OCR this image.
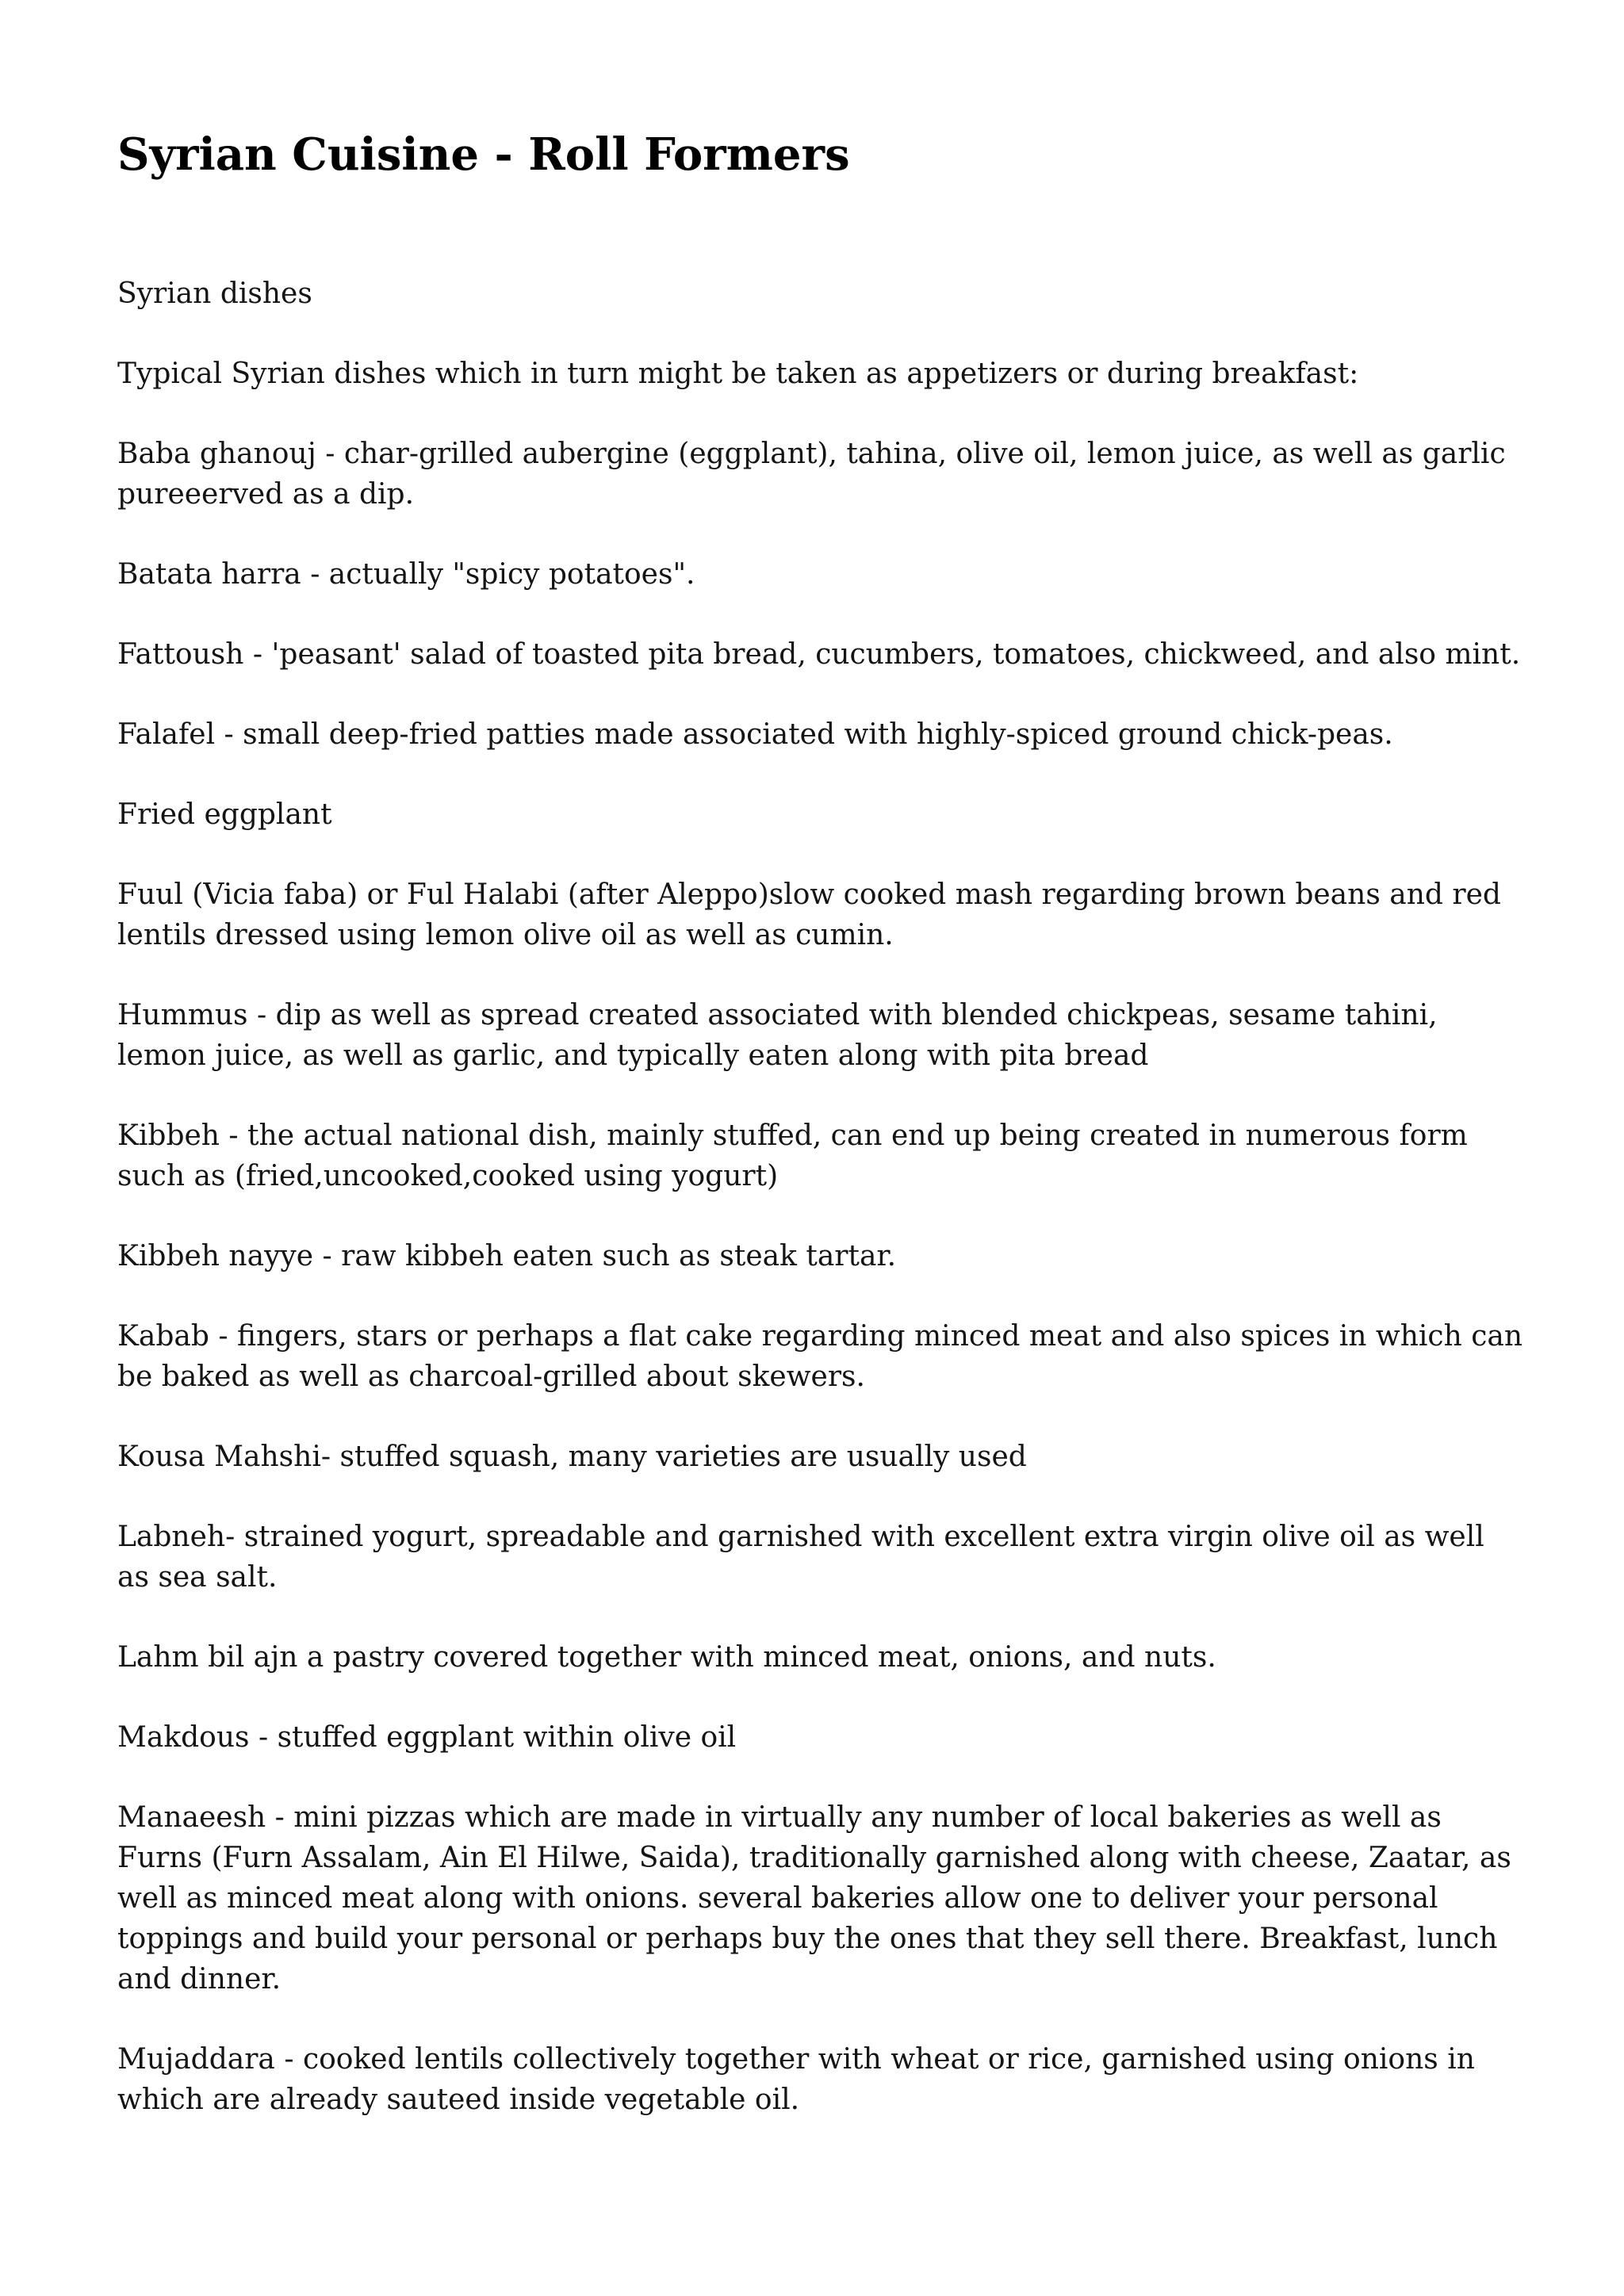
Syrian Cuisine - Roll Formers

Syrian dishes

Typical Syrian dishes which in turn might be taken as appetizers or during breakfast:

Baba ghanouj - char-grilled aubergine (eggplant), tahina, olive oil, lemon juice, as well as garlic pureeerved as a dip.

Batata harra - actually "spicy potatoes".

Fattoush - 'peasant' salad of toasted pita bread, cucumbers, tomatoes, chickweed, and also mint.

Falafel - small deep-fried patties made associated with highly-spiced ground chick-peas.

Fried eggplant

Fuul (Vicia faba) or Ful Halabi (after Aleppo)slow cooked mash regarding brown beans and red lentils dressed using lemon olive oil as well as cumin.

Hummus - dip as well as spread created associated with blended chickpeas, sesame tahini, lemon juice, as well as garlic, and typically eaten along with pita bread

Kibbeh - the actual national dish, mainly stuffed, can end up being created in numerous form such as (fried,uncooked,cooked using yogurt)

Kibbeh nayye - raw kibbeh eaten such as steak tartar.

Kabab - fingers, stars or perhaps a flat cake regarding minced meat and also spices in which can be baked as well as charcoal-grilled about skewers.

Kousa Mahshi- stuffed squash, many varieties are usually used

Labneh- strained yogurt, spreadable and garnished with excellent extra virgin olive oil as well as sea salt.

Lahm bil ajn a pastry covered together with minced meat, onions, and nuts.

Makdous - stuffed eggplant within olive oil

Manaeesh - mini pizzas which are made in virtually any number of local bakeries as well as Furns (Furn Assalam, Ain El Hilwe, Saida), traditionally garnished along with cheese, Zaatar, as well as minced meat along with onions. several bakeries allow one to deliver your personal toppings and build your personal or perhaps buy the ones that they sell there. Breakfast, lunch and dinner.

Mujaddara - cooked lentils collectively together with wheat or rice, garnished using onions in which are already sauteed inside vegetable oil.
